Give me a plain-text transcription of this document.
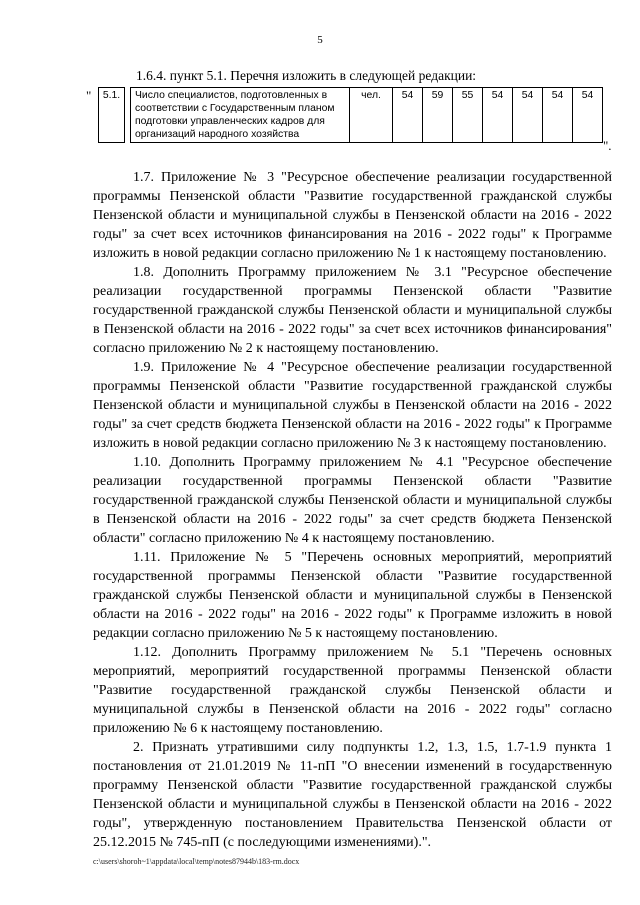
5
1.6.4. пункт 5.1. Перечня изложить в следующей редакции:
" 5.1.		Число специалистов, подготовленных в соответствии с Государственным планом подготовки управленческих кадров для организаций народного хозяйства	чел.	54	59	55	54	54	54	54
".

1.7. Приложение № 3 "Ресурсное обеспечение реализации государственной программы Пензенской области "Развитие государственной гражданской службы Пензенской области и муниципальной службы в Пензенской области на 2016 - 2022 годы" за счет всех источников финансирования на 2016 - 2022 годы" к Программе изложить в новой редакции согласно приложению № 1 к настоящему постановлению.

1.8. Дополнить Программу приложением № 3.1 "Ресурсное обеспечение реализации государственной программы Пензенской области "Развитие государственной гражданской службы Пензенской области и муниципальной службы в Пензенской области на 2016 - 2022 годы" за счет всех источников финансирования" согласно приложению № 2 к настоящему постановлению.

1.9. Приложение № 4 "Ресурсное обеспечение реализации государственной программы Пензенской области "Развитие государственной гражданской службы Пензенской области и муниципальной службы в Пензенской области на 2016 - 2022 годы" за счет средств бюджета Пензенской области на 2016 - 2022 годы" к Программе изложить в новой редакции согласно приложению № 3 к настоящему постановлению.

1.10. Дополнить Программу приложением № 4.1 "Ресурсное обеспечение реализации государственной программы Пензенской области "Развитие государственной гражданской службы Пензенской области и муниципальной службы в Пензенской области на 2016 - 2022 годы" за счет средств бюджета Пензенской области" согласно приложению № 4 к настоящему постановлению.

1.11. Приложение № 5 "Перечень основных мероприятий, мероприятий государственной программы Пензенской области "Развитие государственной гражданской службы Пензенской области и муниципальной службы в Пензенской области на 2016 - 2022 годы" на 2016 - 2022 годы" к Программе изложить в новой редакции согласно приложению № 5 к настоящему постановлению.

1.12. Дополнить Программу приложением № 5.1 "Перечень основных мероприятий, мероприятий государственной программы Пензенской области "Развитие государственной гражданской службы Пензенской области и муниципальной службы в Пензенской области на 2016 - 2022 годы" согласно приложению № 6 к настоящему постановлению.

2. Признать утратившими силу подпункты 1.2, 1.3, 1.5, 1.7-1.9 пункта 1 постановления от 21.01.2019 № 11-пП "О внесении изменений в государственную программу Пензенской области "Развитие государственной гражданской службы Пензенской области и муниципальной службы в Пензенской области на 2016 - 2022 годы", утвержденную постановлением Правительства Пензенской области от 25.12.2015 № 745-пП (с последующими изменениями).".

c:\users\shoroh~1\appdata\local\temp\notes87944b\183-rm.docx
